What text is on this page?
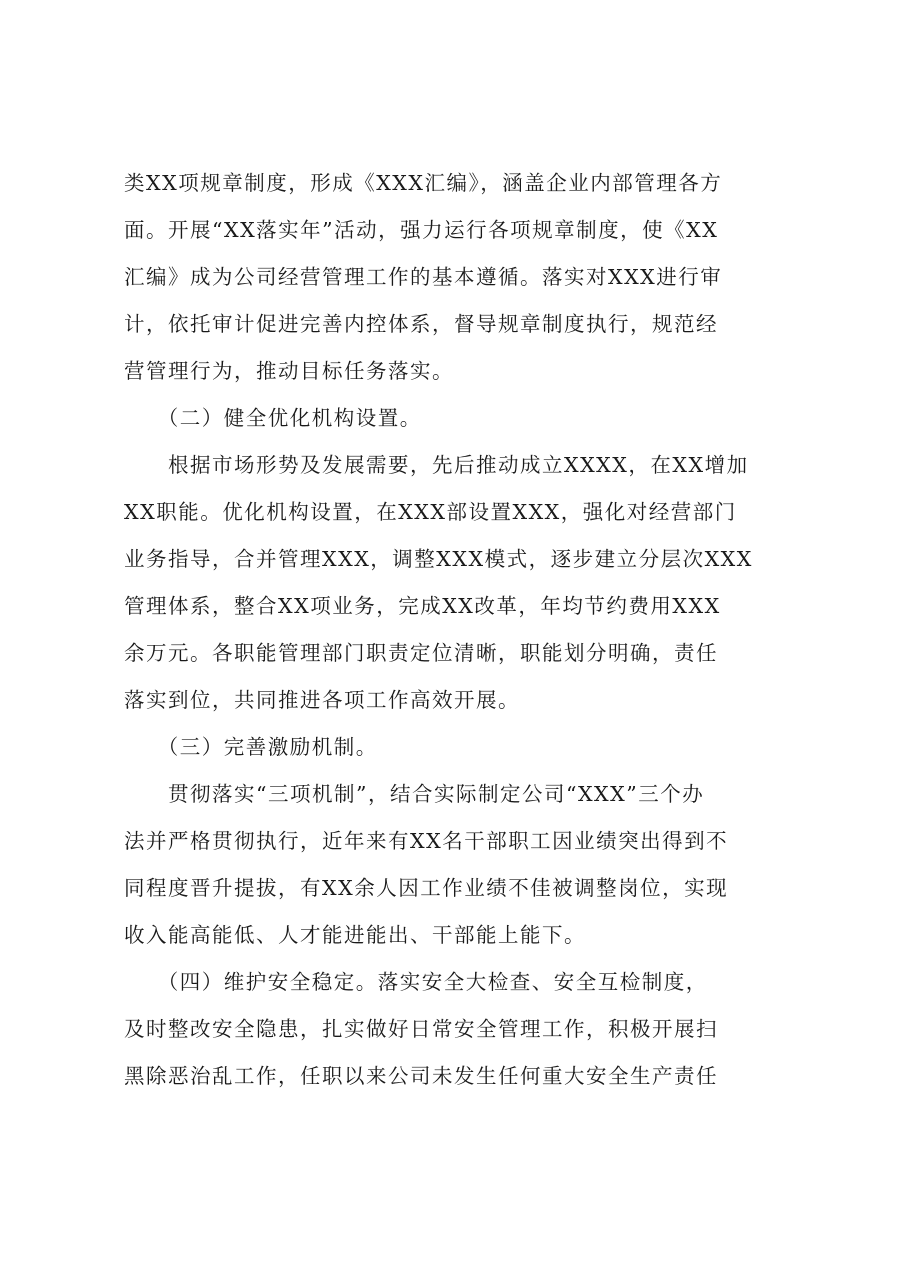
类XX项规章制度，形成《XXX汇编》，涵盖企业内部管理各方
面。开展“XX落实年”活动，强力运行各项规章制度，使《XX
汇编》成为公司经营管理工作的基本遵循。落实对XXX进行审
计，依托审计促进完善内控体系，督导规章制度执行，规范经
营管理行为，推动目标任务落实。

　　（二）健全优化机构设置。

　　根据市场形势及发展需要，先后推动成立XXXX，在XX增加
XX职能。优化机构设置，在XXX部设置XXX，强化对经营部门
业务指导，合并管理XXX，调整XXX模式，逐步建立分层次XXX
管理体系，整合XX项业务，完成XX改革，年均节约费用XXX
余万元。各职能管理部门职责定位清晰，职能划分明确，责任
落实到位，共同推进各项工作高效开展。

　　（三）完善激励机制。

　　贯彻落实“三项机制”，结合实际制定公司“XXX”三个办
法并严格贯彻执行，近年来有XX名干部职工因业绩突出得到不
同程度晋升提拔，有XX余人因工作业绩不佳被调整岗位，实现
收入能高能低、人才能进能出、干部能上能下。

　　（四）维护安全稳定。落实安全大检查、安全互检制度，
及时整改安全隐患，扎实做好日常安全管理工作，积极开展扫
黑除恶治乱工作，任职以来公司未发生任何重大安全生产责任
